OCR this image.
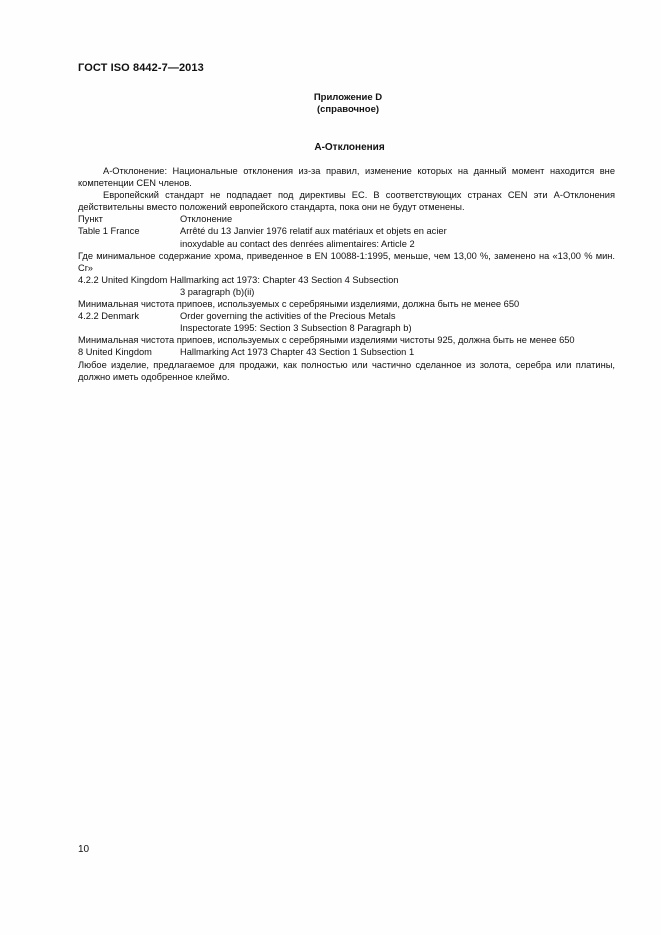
ГОСТ ISO 8442-7—2013
Приложение D
(справочное)
А-Отклонения

А-Отклонение: Национальные отклонения из-за правил, изменение которых на данный момент находится вне компетенции CEN членов.

Европейский стандарт не подпадает под директивы ЕС. В соответствующих странах CEN эти А-Отклонения действительны вместо положений европейского стандарта, пока они не будут отменены.

Пункт	Отклонение
Table 1 France	Arrêté du 13 Janvier 1976 relatif aux matériaux et objets en acier
inoxydable au contact des denrées alimentaires: Article 2

Где минимальное содержание хрома, приведенное в EN 10088-1:1995, меньше, чем 13,00 %, заменено на «13,00 % мин. Cr»

4.2.2 United Kingdom Hallmarking act 1973: Chapter 43 Section 4 Subsection
3 paragraph (b)(ii)
Минимальная чистота припоев, используемых с серебряными изделиями, должна быть не менее 650
4.2.2 Denmark	Order governing the activities of the Precious Metals
Inspectorate 1995: Section 3 Subsection 8 Paragraph b)
Минимальная чистота припоев, используемых с серебряными изделиями чистоты 925, должна быть не менее 650
8 United Kingdom	Hallmarking Act 1973 Chapter 43 Section 1 Subsection 1

Любое изделие, предлагаемое для продажи, как полностью или частично сделанное из золота, серебра или платины, должно иметь одобренное клеймо.

10
